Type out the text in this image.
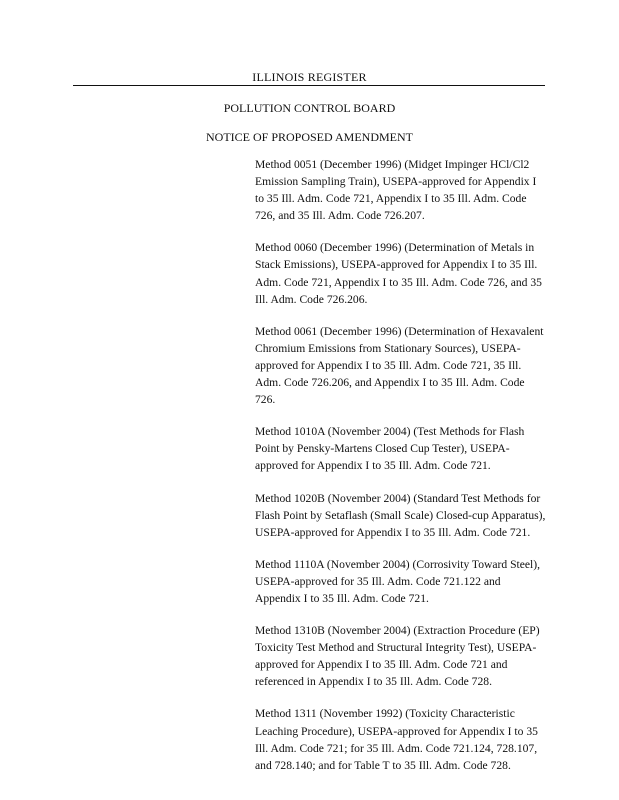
ILLINOIS REGISTER
POLLUTION CONTROL BOARD
NOTICE OF PROPOSED AMENDMENT
Method 0051 (December 1996) (Midget Impinger HCl/Cl2 Emission Sampling Train), USEPA-approved for Appendix I to 35 Ill. Adm. Code 721, Appendix I to 35 Ill. Adm. Code 726, and 35 Ill. Adm. Code 726.207.
Method 0060 (December 1996) (Determination of Metals in Stack Emissions), USEPA-approved for Appendix I to 35 Ill. Adm. Code 721, Appendix I to 35 Ill. Adm. Code 726, and 35 Ill. Adm. Code 726.206.
Method 0061 (December 1996) (Determination of Hexavalent Chromium Emissions from Stationary Sources), USEPA-approved for Appendix I to 35 Ill. Adm. Code 721, 35 Ill. Adm. Code 726.206, and Appendix I to 35 Ill. Adm. Code 726.
Method 1010A (November 2004) (Test Methods for Flash Point by Pensky-Martens Closed Cup Tester), USEPA-approved for Appendix I to 35 Ill. Adm. Code 721.
Method 1020B (November 2004) (Standard Test Methods for Flash Point by Setaflash (Small Scale) Closed-cup Apparatus), USEPA-approved for Appendix I to 35 Ill. Adm. Code 721.
Method 1110A (November 2004) (Corrosivity Toward Steel), USEPA-approved for 35 Ill. Adm. Code 721.122 and Appendix I to 35 Ill. Adm. Code 721.
Method 1310B (November 2004) (Extraction Procedure (EP) Toxicity Test Method and Structural Integrity Test), USEPA-approved for Appendix I to 35 Ill. Adm. Code 721 and referenced in Appendix I to 35 Ill. Adm. Code 728.
Method 1311 (November 1992) (Toxicity Characteristic Leaching Procedure), USEPA-approved for Appendix I to 35 Ill. Adm. Code 721; for 35 Ill. Adm. Code 721.124, 728.107, and 728.140; and for Table T to 35 Ill. Adm. Code 728.
